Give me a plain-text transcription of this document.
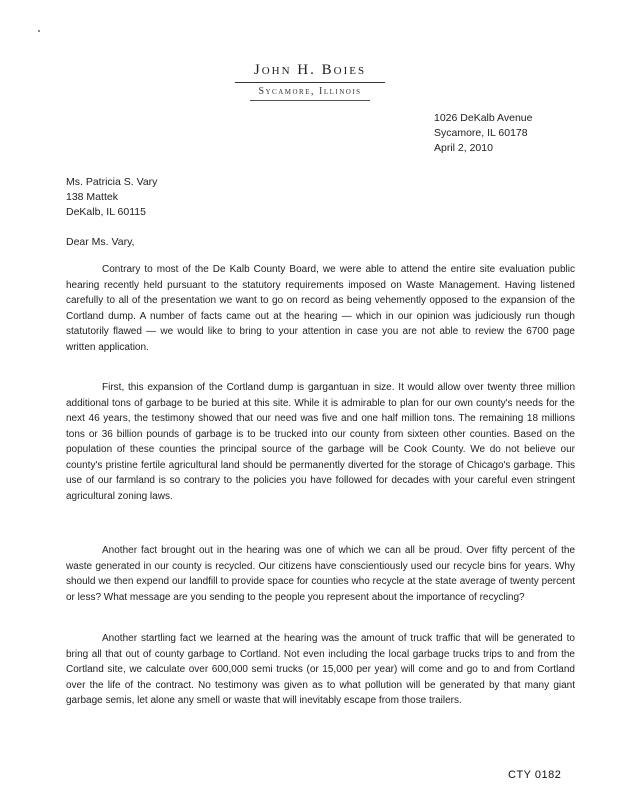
John H. Boies
Sycamore, Illinois
1026 DeKalb Avenue
Sycamore, IL 60178
April 2, 2010
Ms. Patricia S. Vary
138 Mattek
DeKalb, IL 60115
Dear Ms. Vary,

Contrary to most of the De Kalb County Board, we were able to attend the entire site evaluation public hearing recently held pursuant to the statutory requirements imposed on Waste Management. Having listened carefully to all of the presentation we want to go on record as being vehemently opposed to the expansion of the Cortland dump. A number of facts came out at the hearing — which in our opinion was judiciously run though statutorily flawed — we would like to bring to your attention in case you are not able to review the 6700 page written application.

First, this expansion of the Cortland dump is gargantuan in size. It would allow over twenty three million additional tons of garbage to be buried at this site. While it is admirable to plan for our own county's needs for the next 46 years, the testimony showed that our need was five and one half million tons. The remaining 18 millions tons or 36 billion pounds of garbage is to be trucked into our county from sixteen other counties. Based on the population of these counties the principal source of the garbage will be Cook County. We do not believe our county's pristine fertile agricultural land should be permanently diverted for the storage of Chicago's garbage. This use of our farmland is so contrary to the policies you have followed for decades with your careful even stringent agricultural zoning laws.

Another fact brought out in the hearing was one of which we can all be proud. Over fifty percent of the waste generated in our county is recycled. Our citizens have conscientiously used our recycle bins for years. Why should we then expend our landfill to provide space for counties who recycle at the state average of twenty percent or less? What message are you sending to the people you represent about the importance of recycling?

Another startling fact we learned at the hearing was the amount of truck traffic that will be generated to bring all that out of county garbage to Cortland. Not even including the local garbage trucks trips to and from the Cortland site, we calculate over 600,000 semi trucks (or 15,000 per year) will come and go to and from Cortland over the life of the contract. No testimony was given as to what pollution will be generated by that many giant garbage semis, let alone any smell or waste that will inevitably escape from those trailers.

CTY 0182
